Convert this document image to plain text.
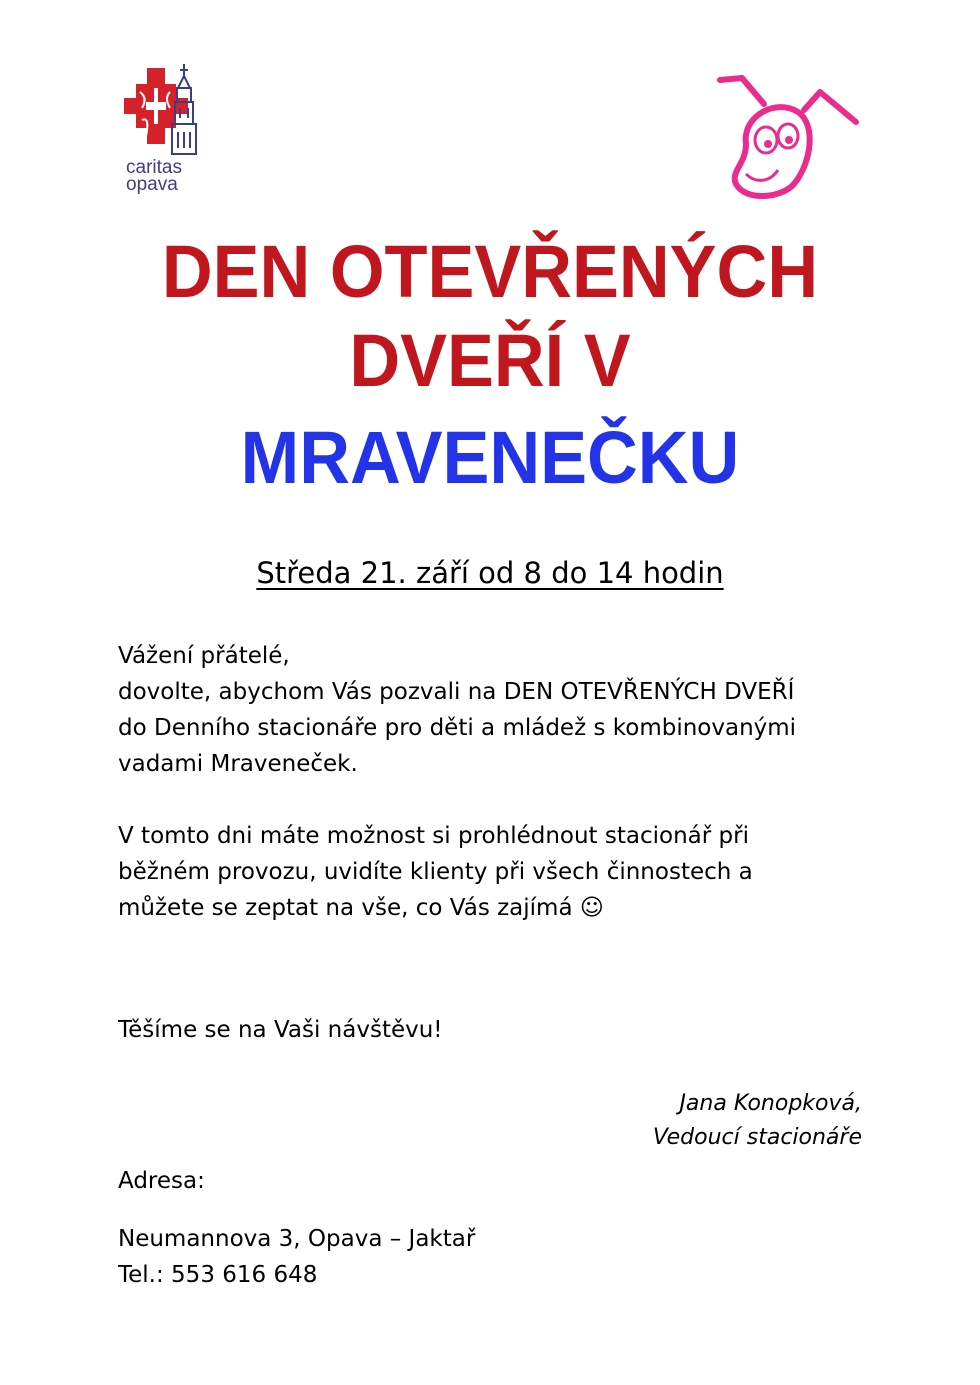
caritas
opava
DEN OTEVŘENÝCH
DVEŘÍ V
MRAVENEČKU
Středa 21. září od 8 do 14 hodin
Vážení přátelé,
dovolte, abychom Vás pozvali na DEN OTEVŘENÝCH DVEŘÍ
do Denního stacionáře pro děti a mládež s kombinovanými
vadami Mraveneček.
V tomto dni máte možnost si prohlédnout stacionář při
běžném provozu, uvidíte klienty při všech činnostech a
můžete se zeptat na vše, co Vás zajímá ☺
Těšíme se na Vaši návštěvu!
Jana Konopková,
Vedoucí stacionáře
Adresa:
Neumannova 3, Opava – Jaktař
Tel.: 553 616 648
